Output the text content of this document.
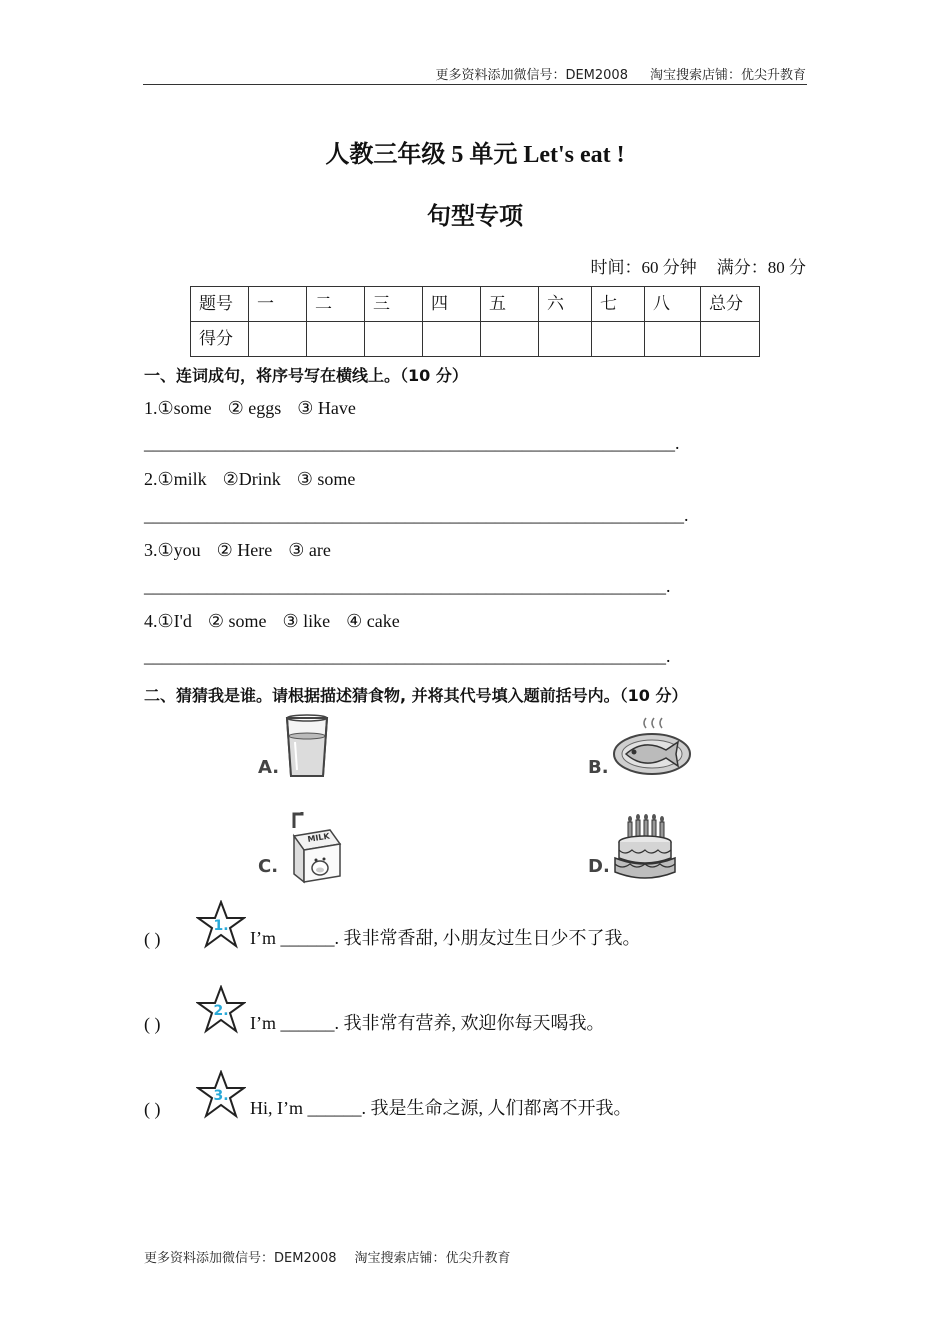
更多资料添加微信号：DEM2008 淘宝搜索店铺：优尖升教育
人教三年级 5 单元 Let's eat !
句型专项
时间：60 分钟 满分：80 分
题号	一	二	三	四	五	六	七	八	总分
得分									
一、连词成句，将序号写在横线上。（10 分）
1.①some ② eggs ③ Have
___________________________________________________________.
2.①milk ②Drink ③ some
____________________________________________________________.
3.①you ② Here ③ are
__________________________________________________________.
4.①I'd ② some ③ like ④ cake
__________________________________________________________.
二、猜猜我是谁。请根据描述猜食物, 并将其代号填入题前括号内。（10 分）
A.	B.
C.
MILK
D.
( )
1.
I’m ______. 我非常香甜, 小朋友过生日少不了我。
( )
2.
I’m ______. 我非常有营养, 欢迎你每天喝我。
( )
3.
Hi, I’m ______. 我是生命之源, 人们都离不开我。
更多资料添加微信号：DEM2008 淘宝搜索店铺：优尖升教育
